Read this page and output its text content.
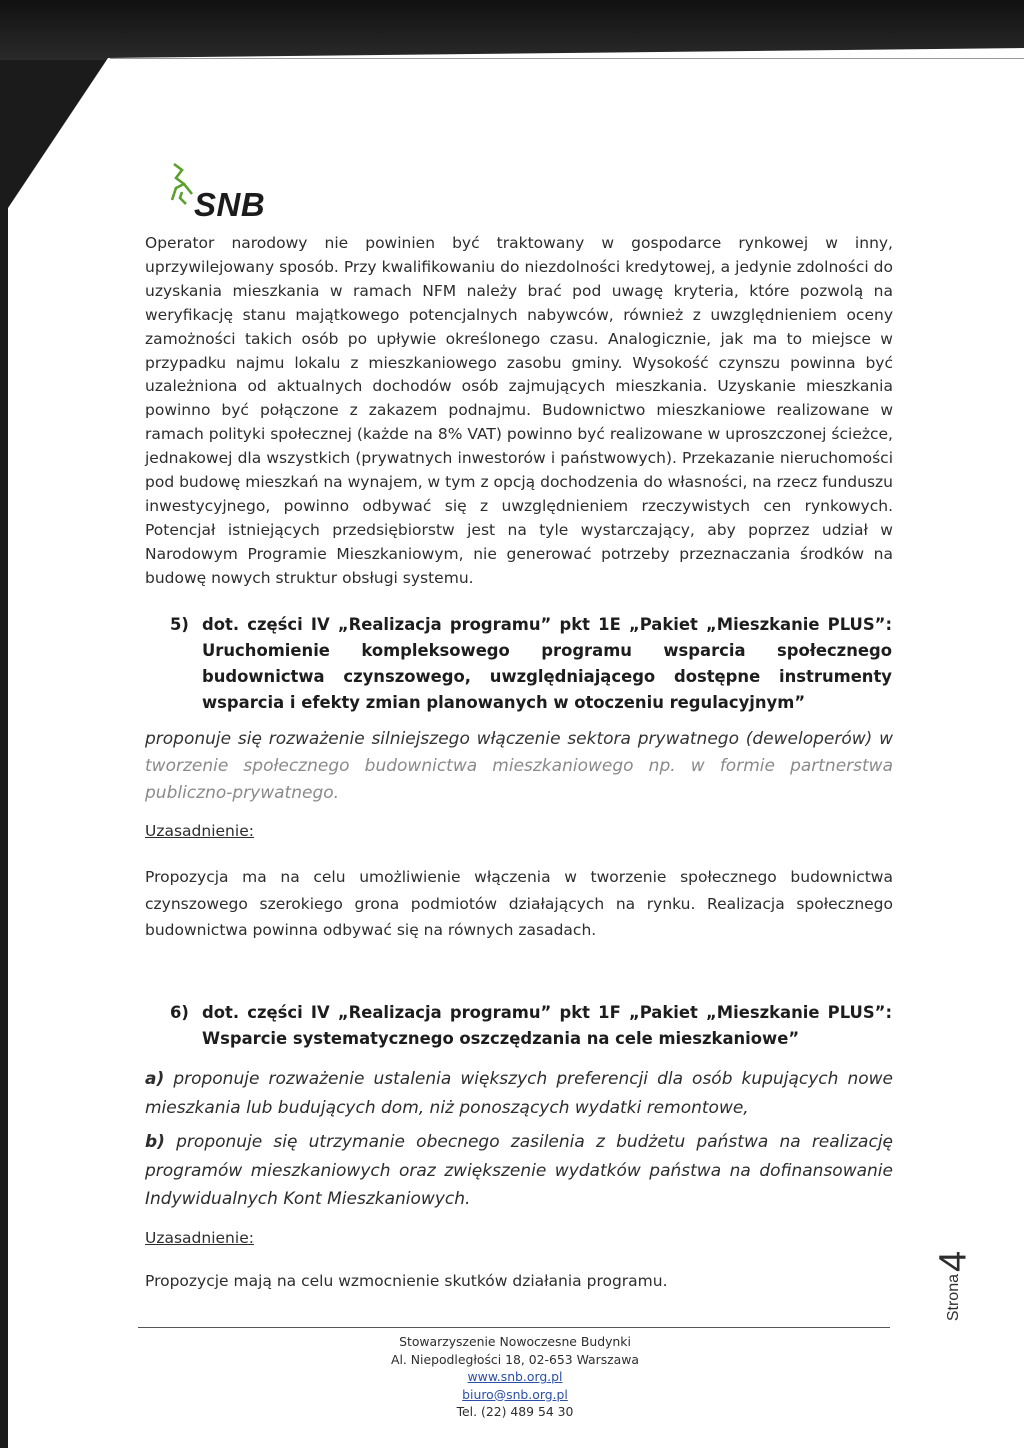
SNB
Operator narodowy nie powinien być traktowany w gospodarce rynkowej w inny, uprzywilejowany sposób. Przy kwalifikowaniu do niezdolności kredytowej, a jedynie zdolności do uzyskania mieszkania w ramach NFM należy brać pod uwagę kryteria, które pozwolą na weryfikację stanu majątkowego potencjalnych nabywców, również z uwzględnieniem oceny zamożności takich osób po upływie określonego czasu. Analogicznie, jak ma to miejsce w przypadku najmu lokalu z mieszkaniowego zasobu gminy. Wysokość czynszu powinna być uzależniona od aktualnych dochodów osób zajmujących mieszkania. Uzyskanie mieszkania powinno być połączone z zakazem podnajmu. Budownictwo mieszkaniowe realizowane w ramach polityki społecznej (każde na 8% VAT) powinno być realizowane w uproszczonej ścieżce, jednakowej dla wszystkich (prywatnych inwestorów i państwowych). Przekazanie nieruchomości pod budowę mieszkań na wynajem, w tym z opcją dochodzenia do własności, na rzecz funduszu inwestycyjnego, powinno odbywać się z uwzględnieniem rzeczywistych cen rynkowych. Potencjał istniejących przedsiębiorstw jest na tyle wystarczający, aby poprzez udział w Narodowym Programie Mieszkaniowym, nie generować potrzeby przeznaczania środków na budowę nowych struktur obsługi systemu.
5) dot. części IV „Realizacja programu” pkt 1E „Pakiet „Mieszkanie PLUS”: Uruchomienie kompleksowego programu wsparcia społecznego budownictwa czynszowego, uwzględniającego dostępne instrumenty wsparcia i efekty zmian planowanych w otoczeniu regulacyjnym”
proponuje się rozważenie silniejszego włączenie sektora prywatnego (deweloperów) w tworzenie społecznego budownictwa mieszkaniowego np. w formie partnerstwa publiczno-prywatnego.
Uzasadnienie:
Propozycja ma na celu umożliwienie włączenia w tworzenie społecznego budownictwa czynszowego szerokiego grona podmiotów działających na rynku. Realizacja społecznego budownictwa powinna odbywać się na równych zasadach.
6) dot. części IV „Realizacja programu” pkt 1F „Pakiet „Mieszkanie PLUS”: Wsparcie systematycznego oszczędzania na cele mieszkaniowe”
a) proponuje rozważenie ustalenia większych preferencji dla osób kupujących nowe mieszkania lub budujących dom, niż ponoszących wydatki remontowe,
b) proponuje się utrzymanie obecnego zasilenia z budżetu państwa na realizację programów mieszkaniowych oraz zwiększenie wydatków państwa na dofinansowanie Indywidualnych Kont Mieszkaniowych.
Uzasadnienie:
Propozycje mają na celu wzmocnienie skutków działania programu.
Stowarzyszenie Nowoczesne Budynki
Al. Niepodległości 18, 02-653 Warszawa
www.snb.org.pl
biuro@snb.org.pl
Tel. (22) 489 54 30
Strona4
